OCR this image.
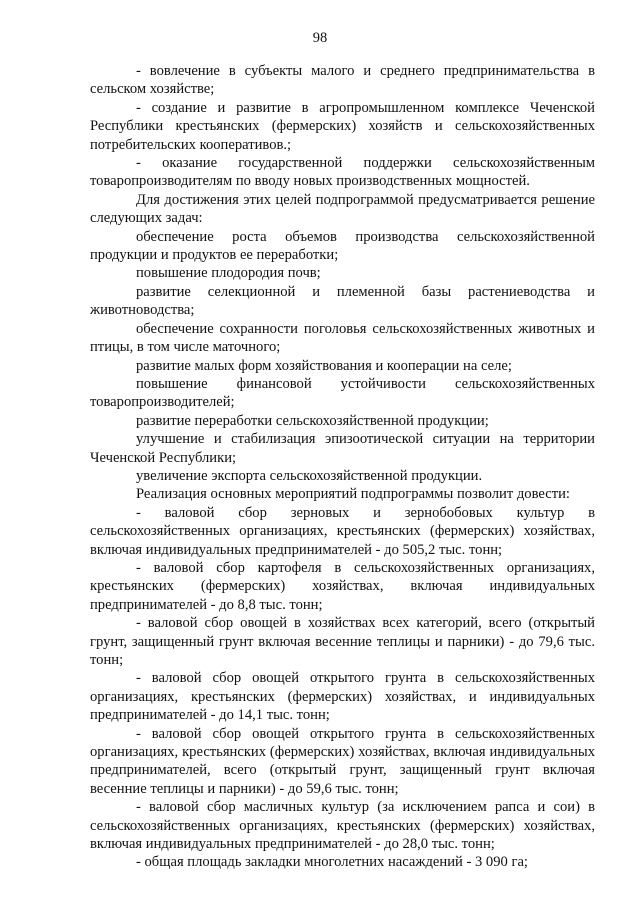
98

- вовлечение в субъекты малого и среднего предпринимательства в сельском хозяйстве;

- создание и развитие в агропромышленном комплексе Чеченской Республики крестьянских (фермерских) хозяйств и сельскохозяйственных потребительских кооперативов.;

- оказание государственной поддержки сельскохозяйственным товаропроизводителям по вводу новых производственных мощностей.

Для достижения этих целей подпрограммой предусматривается решение следующих задач:

обеспечение роста объемов производства сельскохозяйственной продукции и продуктов ее переработки;

повышение плодородия почв;

развитие селекционной и племенной базы растениеводства и животноводства;

обеспечение сохранности поголовья сельскохозяйственных животных и птицы, в том числе маточного;

развитие малых форм хозяйствования и кооперации на селе;

повышение финансовой устойчивости сельскохозяйственных товаропроизводителей;

развитие переработки сельскохозяйственной продукции;

улучшение и стабилизация эпизоотической ситуации на территории Чеченской Республики;

увеличение экспорта сельскохозяйственной продукции.

Реализация основных мероприятий подпрограммы позволит довести:

- валовой сбор зерновых и зернобобовых культур в сельскохозяйственных организациях, крестьянских (фермерских) хозяйствах, включая индивидуальных предпринимателей - до 505,2 тыс. тонн;

- валовой сбор картофеля в сельскохозяйственных организациях, крестьянских (фермерских) хозяйствах, включая индивидуальных предпринимателей - до 8,8 тыс. тонн;

- валовой сбор овощей в хозяйствах всех категорий, всего (открытый грунт, защищенный грунт включая весенние теплицы и парники) - до 79,6 тыс. тонн;

- валовой сбор овощей открытого грунта в сельскохозяйственных организациях, крестьянских (фермерских) хозяйствах, и индивидуальных предпринимателей - до 14,1 тыс. тонн;

- валовой сбор овощей открытого грунта в сельскохозяйственных организациях, крестьянских (фермерских) хозяйствах, включая индивидуальных предпринимателей, всего (открытый грунт, защищенный грунт включая весенние теплицы и парники) - до 59,6 тыс. тонн;

- валовой сбор масличных культур (за исключением рапса и сои) в сельскохозяйственных организациях, крестьянских (фермерских) хозяйствах, включая индивидуальных предпринимателей - до 28,0 тыс. тонн;

- общая площадь закладки многолетних насаждений - 3 090 га;
